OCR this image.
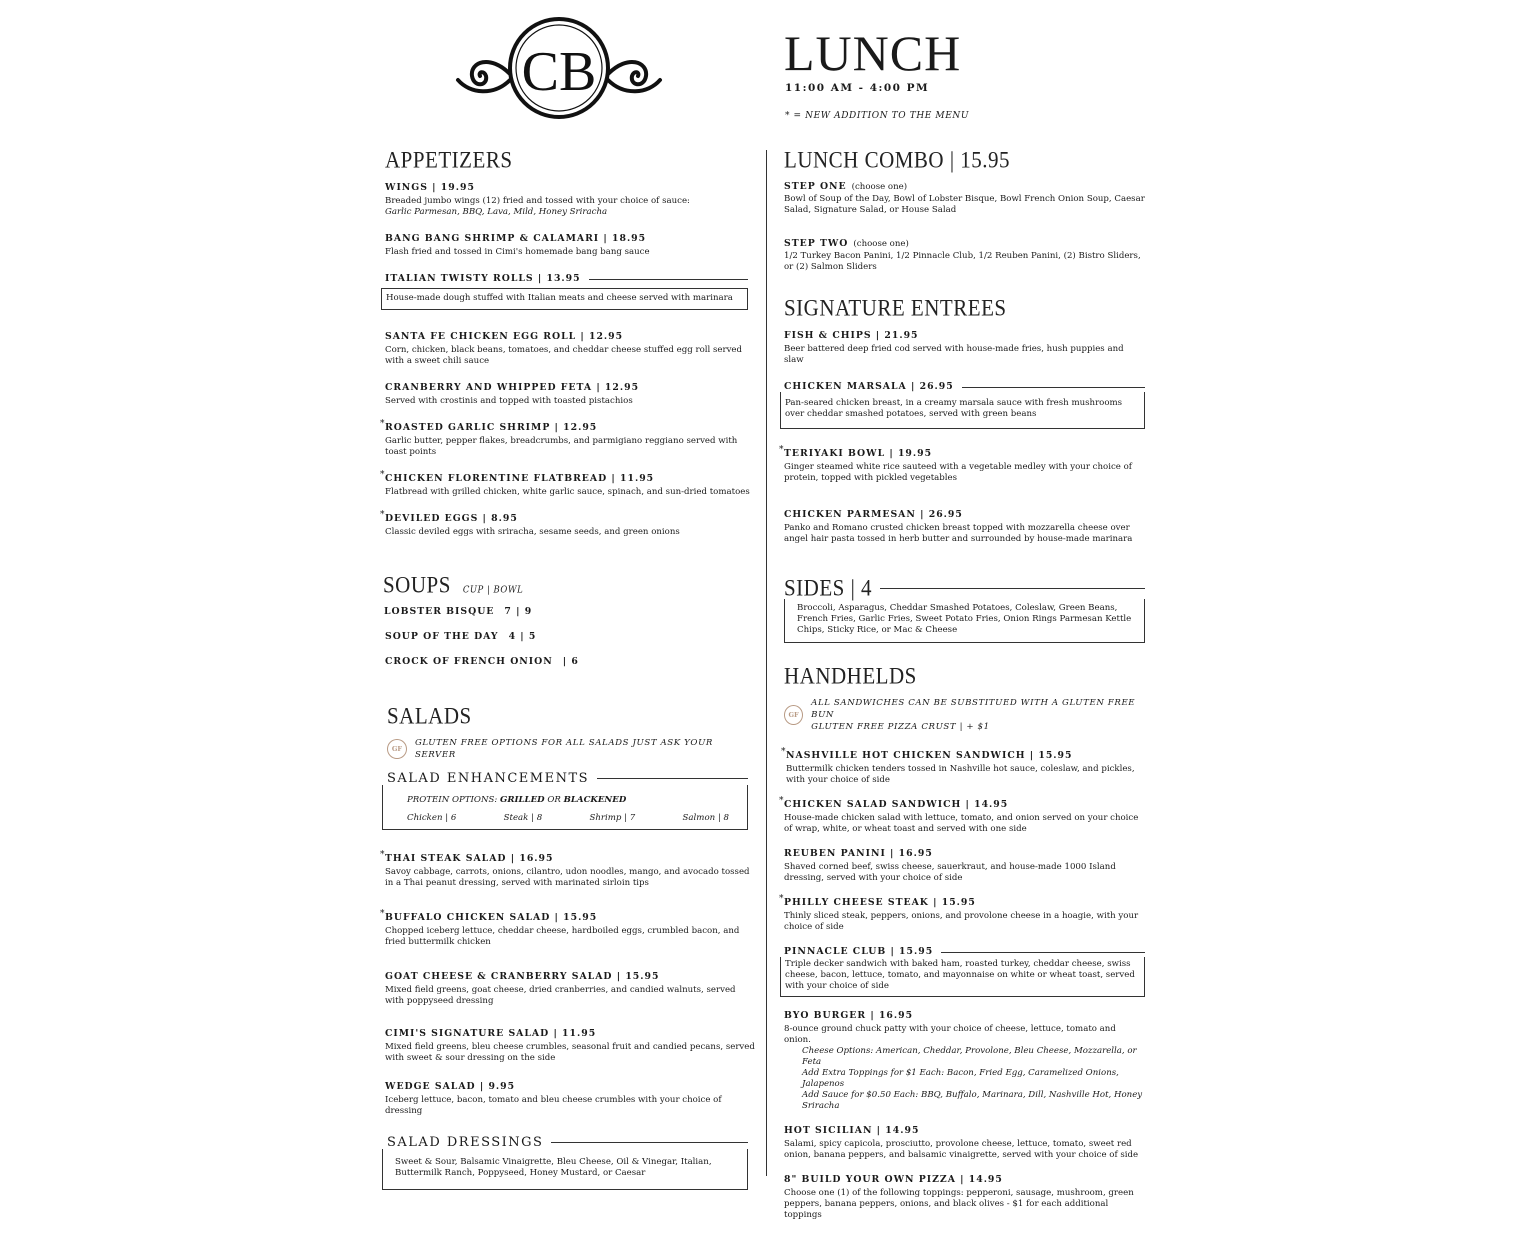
CB	LUNCH
11:00 AM - 4:00 PM
* = NEW ADDITION TO THE MENU
APPETIZERS
WINGS | 19.95
Breaded jumbo wings (12) fried and tossed with your choice of sauce:
Garlic Parmesan, BBQ, Lava, Mild, Honey Sriracha
BANG BANG SHRIMP & CALAMARI | 18.95
Flash fried and tossed in Cimi's homemade bang bang sauce
ITALIAN TWISTY ROLLS | 13.95
House-made dough stuffed with Italian meats and cheese served with marinara
SANTA FE CHICKEN EGG ROLL | 12.95
Corn, chicken, black beans, tomatoes, and cheddar cheese stuffed egg roll served with a sweet chili sauce
CRANBERRY AND WHIPPED FETA | 12.95
Served with crostinis and topped with toasted pistachios
* ROASTED GARLIC SHRIMP | 12.95
Garlic butter, pepper flakes, breadcrumbs, and parmigiano reggiano served with toast points
* CHICKEN FLORENTINE FLATBREAD | 11.95
Flatbread with grilled chicken, white garlic sauce, spinach, and sun-dried tomatoes
* DEVILED EGGS | 8.95
Classic deviled eggs with sriracha, sesame seeds, and green onions
SOUPS CUP | BOWL
LOBSTER BISQUE 7 | 9
SOUP OF THE DAY 4 | 5
CROCK OF FRENCH ONION | 6
SALADS
GF
GLUTEN FREE OPTIONS FOR ALL SALADS JUST ASK YOUR SERVER
SALAD ENHANCEMENTS
PROTEIN OPTIONS: GRILLED OR BLACKENED
Chicken | 6	Steak | 8	Shrimp | 7	Salmon | 8
* THAI STEAK SALAD | 16.95
Savoy cabbage, carrots, onions, cilantro, udon noodles, mango, and avocado tossed in a Thai peanut dressing, served with marinated sirloin tips
* BUFFALO CHICKEN SALAD | 15.95
Chopped iceberg lettuce, cheddar cheese, hardboiled eggs, crumbled bacon, and fried buttermilk chicken
GOAT CHEESE & CRANBERRY SALAD | 15.95
Mixed field greens, goat cheese, dried cranberries, and candied walnuts, served with poppyseed dressing
CIMI'S SIGNATURE SALAD | 11.95
Mixed field greens, bleu cheese crumbles, seasonal fruit and candied pecans, served with sweet & sour dressing on the side
WEDGE SALAD | 9.95
Iceberg lettuce, bacon, tomato and bleu cheese crumbles with your choice of dressing
SALAD DRESSINGS
Sweet & Sour, Balsamic Vinaigrette, Bleu Cheese, Oil & Vinegar, Italian, Buttermilk Ranch, Poppyseed, Honey Mustard, or Caesar
LUNCH COMBO | 15.95
STEP ONE (choose one)
Bowl of Soup of the Day, Bowl of Lobster Bisque, Bowl French Onion Soup, Caesar Salad, Signature Salad, or House Salad
STEP TWO (choose one)
1/2 Turkey Bacon Panini, 1/2 Pinnacle Club, 1/2 Reuben Panini, (2) Bistro Sliders, or (2) Salmon Sliders
SIGNATURE ENTREES
FISH & CHIPS | 21.95
Beer battered deep fried cod served with house-made fries, hush puppies and slaw
CHICKEN MARSALA | 26.95
Pan-seared chicken breast, in a creamy marsala sauce with fresh mushrooms over cheddar smashed potatoes, served with green beans
* TERIYAKI BOWL | 19.95
Ginger steamed white rice sauteed with a vegetable medley with your choice of protein, topped with pickled vegetables
CHICKEN PARMESAN | 26.95
Panko and Romano crusted chicken breast topped with mozzarella cheese over angel hair pasta tossed in herb butter and surrounded by house-made marinara
SIDES | 4
Broccoli, Asparagus, Cheddar Smashed Potatoes, Coleslaw, Green Beans, French Fries, Garlic Fries, Sweet Potato Fries, Onion Rings Parmesan Kettle Chips, Sticky Rice, or Mac & Cheese
HANDHELDS
GF
ALL SANDWICHES CAN BE SUBSTITUED WITH A GLUTEN FREE BUN
GLUTEN FREE PIZZA CRUST | + $1
* NASHVILLE HOT CHICKEN SANDWICH | 15.95
Buttermilk chicken tenders tossed in Nashville hot sauce, coleslaw, and pickles, with your choice of side
* CHICKEN SALAD SANDWICH | 14.95
House-made chicken salad with lettuce, tomato, and onion served on your choice of wrap, white, or wheat toast and served with one side
REUBEN PANINI | 16.95
Shaved corned beef, swiss cheese, sauerkraut, and house-made 1000 Island dressing, served with your choice of side
* PHILLY CHEESE STEAK | 15.95
Thinly sliced steak, peppers, onions, and provolone cheese in a hoagie, with your choice of side
PINNACLE CLUB | 15.95
Triple decker sandwich with baked ham, roasted turkey, cheddar cheese, swiss cheese, bacon, lettuce, tomato, and mayonnaise on white or wheat toast, served with your choice of side
BYO BURGER | 16.95
8-ounce ground chuck patty with your choice of cheese, lettuce, tomato and onion.
Cheese Options: American, Cheddar, Provolone, Bleu Cheese, Mozzarella, or Feta
Add Extra Toppings for $1 Each: Bacon, Fried Egg, Caramelized Onions, Jalapenos
Add Sauce for $0.50 Each: BBQ, Buffalo, Marinara, Dill, Nashville Hot, Honey Sriracha
HOT SICILIAN | 14.95
Salami, spicy capicola, prosciutto, provolone cheese, lettuce, tomato, sweet red onion, banana peppers, and balsamic vinaigrette, served with your choice of side
8" BUILD YOUR OWN PIZZA | 14.95
Choose one (1) of the following toppings: pepperoni, sausage, mushroom, green peppers, banana peppers, onions, and black olives - $1 for each additional toppings
